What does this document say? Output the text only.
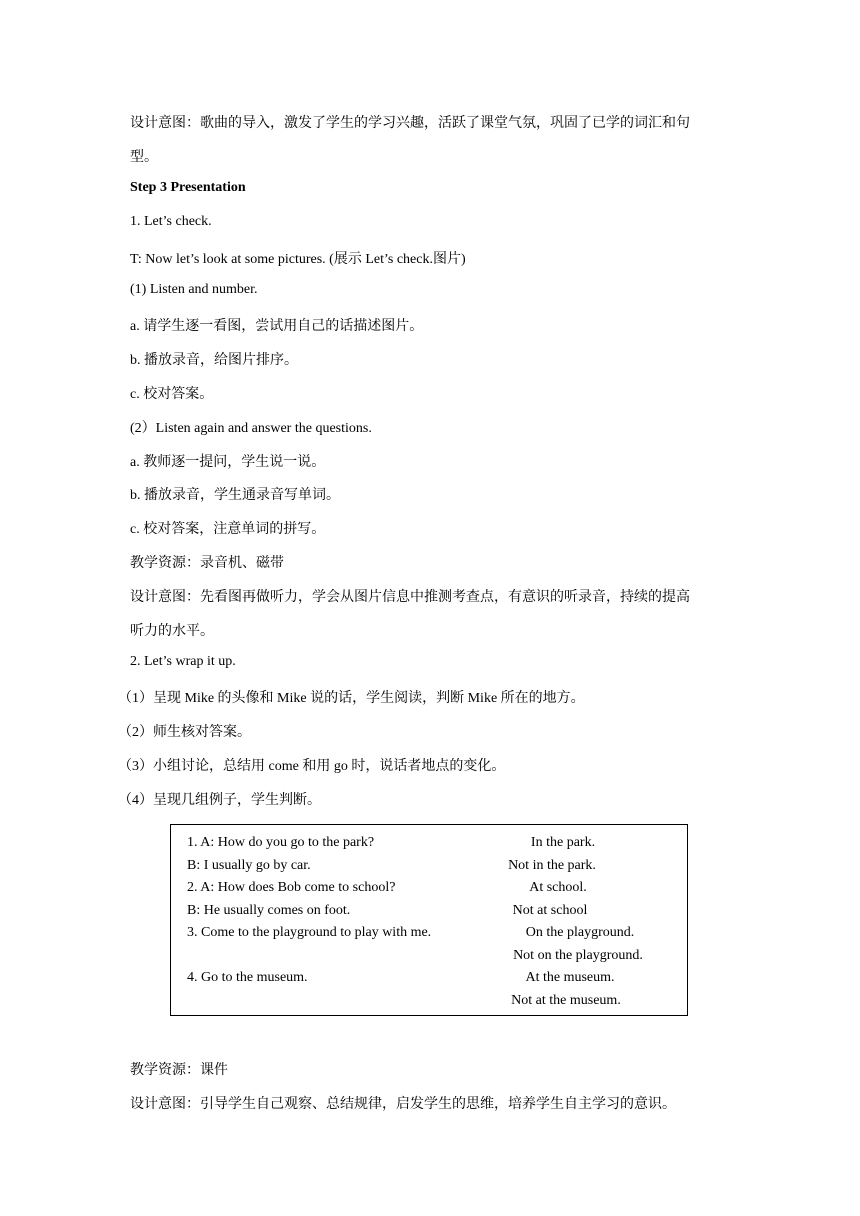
设计意图：歌曲的导入，激发了学生的学习兴趣，活跃了课堂气氛，巩固了已学的词汇和句
型。
Step 3 Presentation
1. Let’s check.
T: Now let’s look at some pictures. (展示 Let’s check.图片)
(1) Listen and number.
a. 请学生逐一看图，尝试用自己的话描述图片。
b. 播放录音，给图片排序。
c. 校对答案。
(2）Listen again and answer the questions.
a. 教师逐一提问，学生说一说。
b. 播放录音，学生通录音写单词。
c. 校对答案，注意单词的拼写。
教学资源：录音机、磁带
设计意图：先看图再做听力，学会从图片信息中推测考查点，有意识的听录音，持续的提高
听力的水平。
2. Let’s wrap it up.
（1）呈现 Mike 的头像和 Mike 说的话，学生阅读，判断 Mike 所在的地方。
（2）师生核对答案。
（3）小组讨论，总结用 come 和用 go 时，说话者地点的变化。
（4）呈现几组例子，学生判断。
1. A: How do you go to the park?
B: I usually go by car.
2. A: How does Bob come to school?
B: He usually comes on foot.
3. Come to the playground to play with me.
4. Go to the museum.
In the park.
Not in the park.
At school.
Not at school
On the playground.
Not on the playground.
At the museum.
Not at the museum.
教学资源：课件
设计意图：引导学生自己观察、总结规律，启发学生的思维，培养学生自主学习的意识。
